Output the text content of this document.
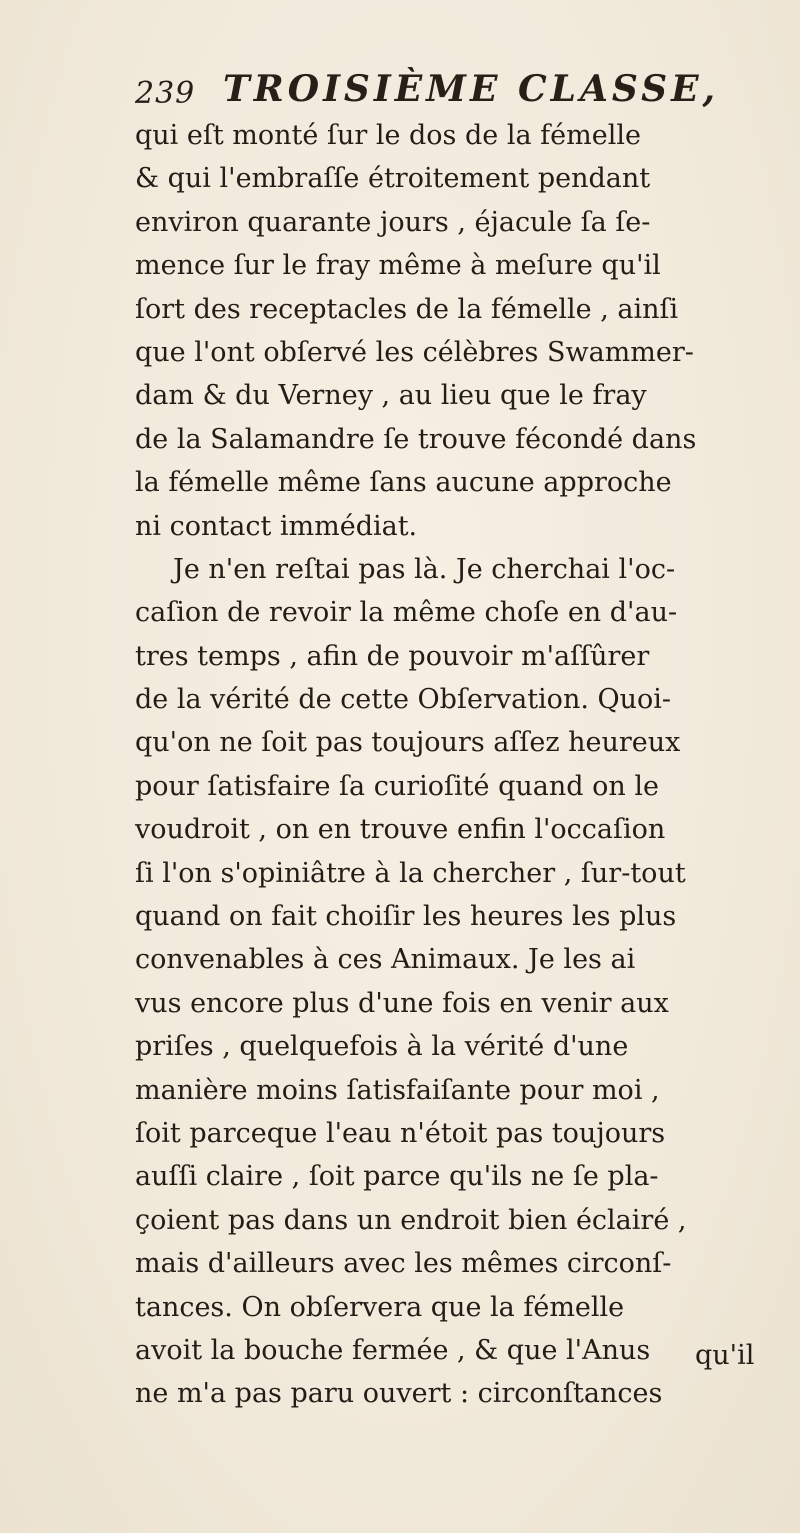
239 TROISIÈME CLASSE,
qui eſt monté ſur le dos de la fémelle
& qui l'embraſſe étroitement pendant
environ quarante jours , éjacule ſa ſe-
mence ſur le fray même à meſure qu'il
ſort des receptacles de la fémelle , ainſi
que l'ont obſervé les célèbres Swammer-
dam & du Verney , au lieu que le fray
de la Salamandre ſe trouve fécondé dans
la fémelle même ſans aucune approche
ni contact immédiat.
Je n'en reſtai pas là. Je cherchai l'oc-
caſion de revoir la même choſe en d'au-
tres temps , afin de pouvoir m'aſſûrer
de la vérité de cette Obſervation. Quoi-
qu'on ne ſoit pas toujours aſſez heureux
pour ſatisfaire ſa curioſité quand on le
voudroit , on en trouve enfin l'occaſion
ſi l'on s'opiniâtre à la chercher , ſur-tout
quand on fait choiſir les heures les plus
convenables à ces Animaux. Je les ai
vus encore plus d'une fois en venir aux
priſes , quelquefois à la vérité d'une
manière moins ſatisfaiſante pour moi ,
ſoit parceque l'eau n'étoit pas toujours
auſſi claire , ſoit parce qu'ils ne ſe pla-
çoient pas dans un endroit bien éclairé ,
mais d'ailleurs avec les mêmes circonſ-
tances. On obſervera que la fémelle
avoit la bouche fermée , & que l'Anus
ne m'a pas paru ouvert : circonſtances
qu'il
